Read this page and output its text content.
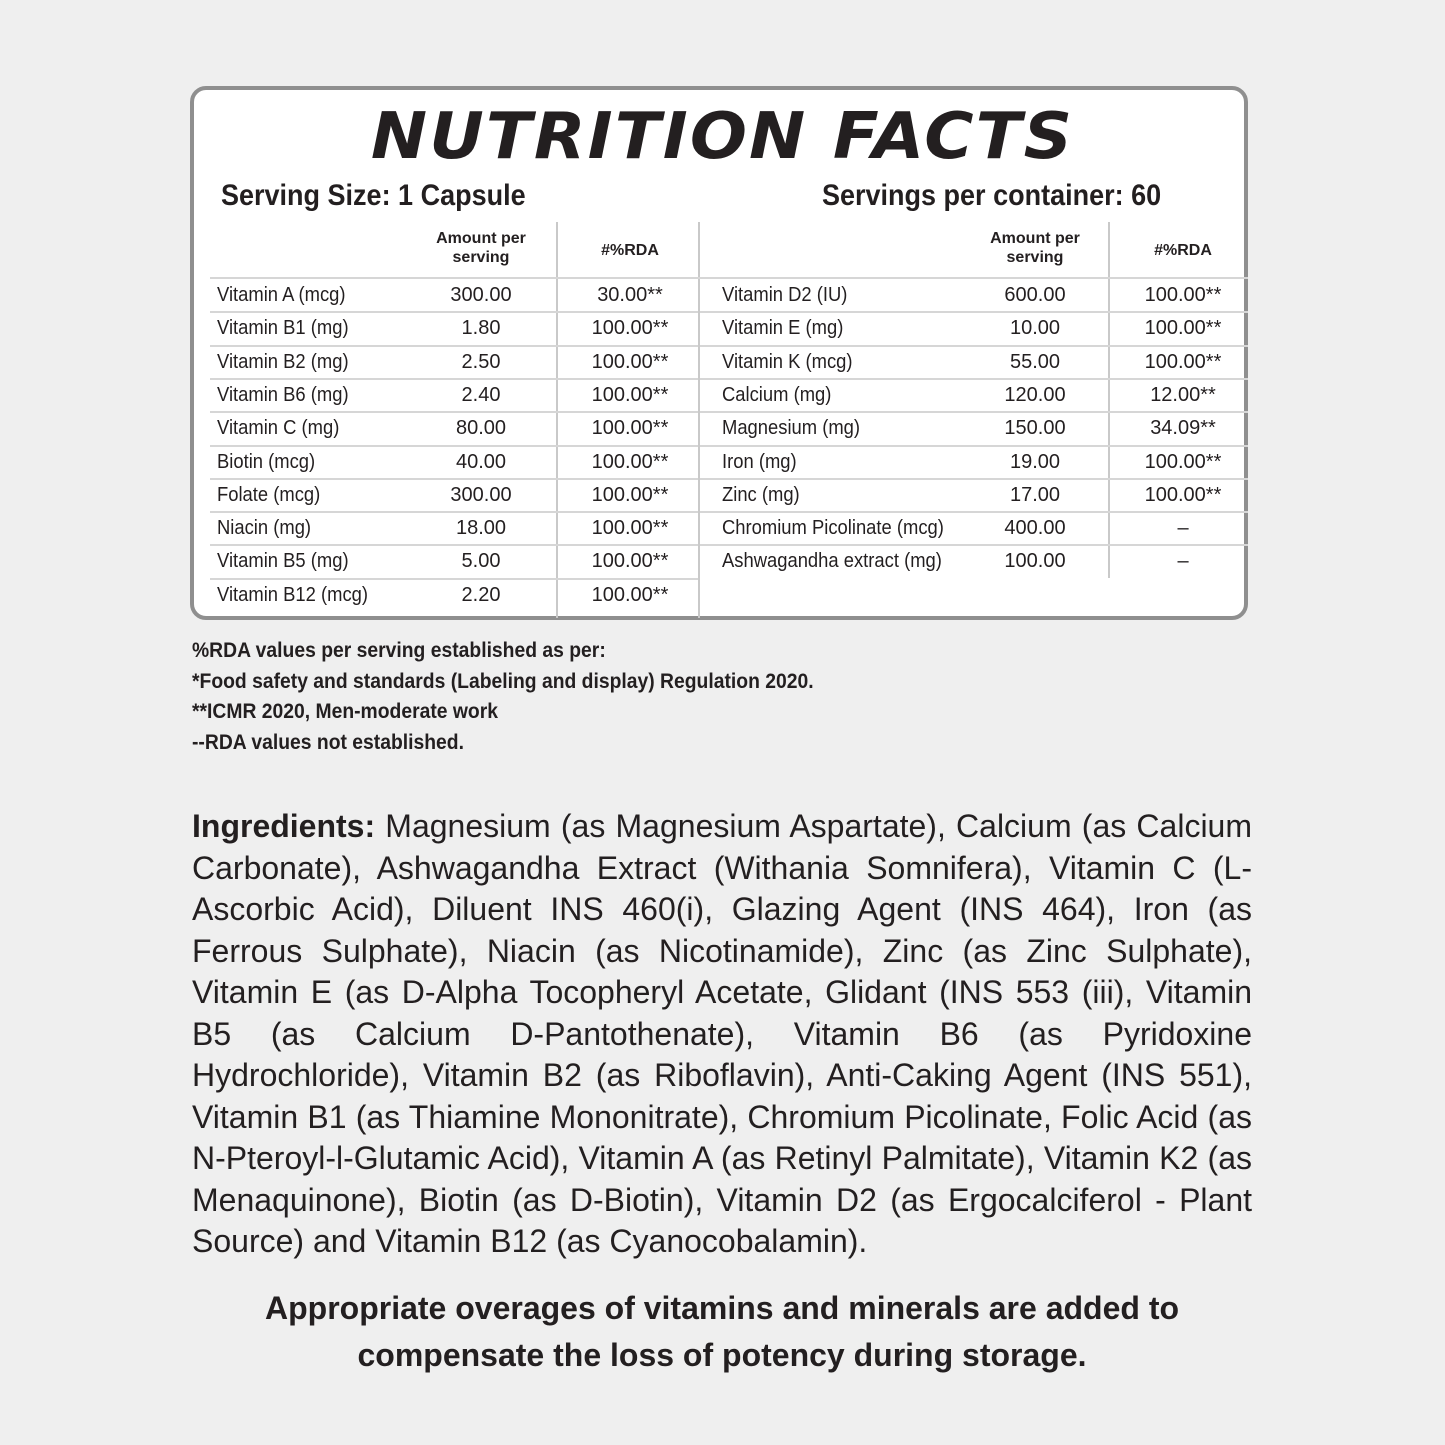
NUTRITION FACTS
Serving Size: 1 Capsule	Servings per container: 60
Amount per serving	#%RDA
Amount per serving	#%RDA
Vitamin A (mcg)	300.00	30.00**
Vitamin B1 (mg)	1.80	100.00**
Vitamin B2 (mg)	2.50	100.00**
Vitamin B6 (mg)	2.40	100.00**
Vitamin C (mg)	80.00	100.00**
Biotin (mcg)	40.00	100.00**
Folate (mcg)	300.00	100.00**
Niacin (mg)	18.00	100.00**
Vitamin B5 (mg)	5.00	100.00**
Vitamin B12 (mcg)	2.20	100.00**
Vitamin D2 (IU)	600.00	100.00**
Vitamin E (mg)	10.00	100.00**
Vitamin K (mcg)	55.00	100.00**
Calcium (mg)	120.00	12.00**
Magnesium (mg)	150.00	34.09**
Iron (mg)	19.00	100.00**
Zinc (mg)	17.00	100.00**
Chromium Picolinate (mcg)	400.00	–
Ashwagandha extract (mg)	100.00	–
%RDA values per serving established as per:
*Food safety and standards (Labeling and display) Regulation 2020.
**ICMR 2020, Men-moderate work
--RDA values not established.
Ingredients: Magnesium (as Magnesium Aspartate), Calcium (as Calcium Carbonate), Ashwagandha Extract (Withania Somnifera), Vitamin C (L-Ascorbic Acid), Diluent INS 460(i), Glazing Agent (INS 464), Iron (as Ferrous Sulphate), Niacin (as Nicotinamide), Zinc (as Zinc Sulphate), Vitamin E (as D-Alpha Tocopheryl Acetate, Glidant (INS 553 (iii), Vitamin B5 (as Calcium D-Pantothenate), Vitamin B6 (as Pyridoxine Hydrochloride), Vitamin B2 (as Riboflavin), Anti-Caking Agent (INS 551), Vitamin B1 (as Thiamine Mononitrate), Chromium Picolinate, Folic Acid (as N-Pteroyl-l-Glutamic Acid), Vitamin A (as Retinyl Palmitate), Vitamin K2 (as Menaquinone), Biotin (as D-Biotin), Vitamin D2 (as Ergocalciferol - Plant Source) and Vitamin B12 (as Cyanocobalamin).
Appropriate overages of vitamins and minerals are added to
compensate the loss of potency during storage.
